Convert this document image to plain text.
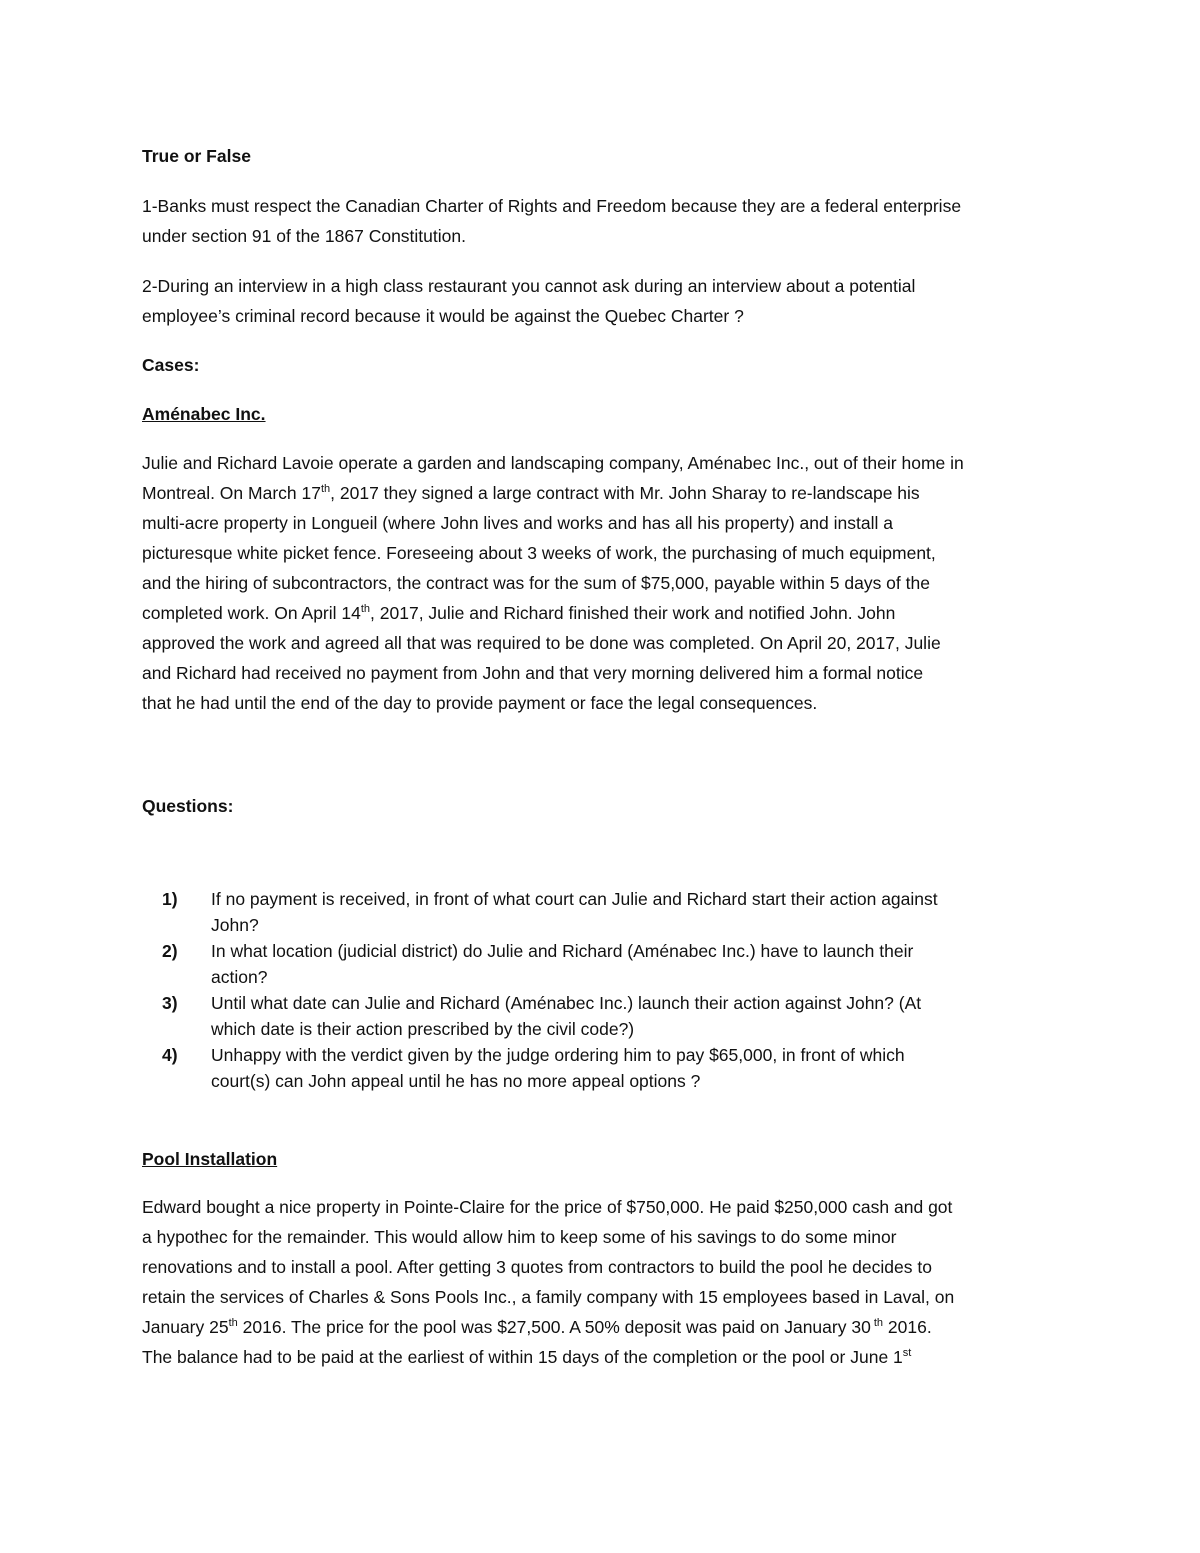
True or False
1-Banks must respect the Canadian Charter of Rights and Freedom because they are a federal enterprise
under section 91 of the 1867 Constitution.
2-During an interview in a high class restaurant you cannot ask during an interview about a potential
employee’s criminal record because it would be against the Quebec Charter ?
Cases:
Aménabec Inc.
Julie and Richard Lavoie operate a garden and landscaping company, Aménabec Inc., out of their home in
Montreal. On March 17th, 2017 they signed a large contract with Mr. John Sharay to re-landscape his
multi-acre property in Longueil (where John lives and works and has all his property) and install a
picturesque white picket fence. Foreseeing about 3 weeks of work, the purchasing of much equipment,
and the hiring of subcontractors, the contract was for the sum of $75,000, payable within 5 days of the
completed work. On April 14th, 2017, Julie and Richard finished their work and notified John. John
approved the work and agreed all that was required to be done was completed. On April 20, 2017, Julie
and Richard had received no payment from John and that very morning delivered him a formal notice
that he had until the end of the day to provide payment or face the legal consequences.
Questions:
1) If no payment is received, in front of what court can Julie and Richard start their action against
John?
2) In what location (judicial district) do Julie and Richard (Aménabec Inc.) have to launch their
action?
3) Until what date can Julie and Richard (Aménabec Inc.) launch their action against John? (At
which date is their action prescribed by the civil code?)
4) Unhappy with the verdict given by the judge ordering him to pay $65,000, in front of which
court(s) can John appeal until he has no more appeal options ?
Pool Installation
Edward bought a nice property in Pointe-Claire for the price of $750,000. He paid $250,000 cash and got
a hypothec for the remainder. This would allow him to keep some of his savings to do some minor
renovations and to install a pool. After getting 3 quotes from contractors to build the pool he decides to
retain the services of Charles & Sons Pools Inc., a family company with 15 employees based in Laval, on
January 25th 2016. The price for the pool was $27,500. A 50% deposit was paid on January 30 $^{th}$ 2016.
The balance had to be paid at the earliest of within 15 days of the completion or the pool or June 1st
